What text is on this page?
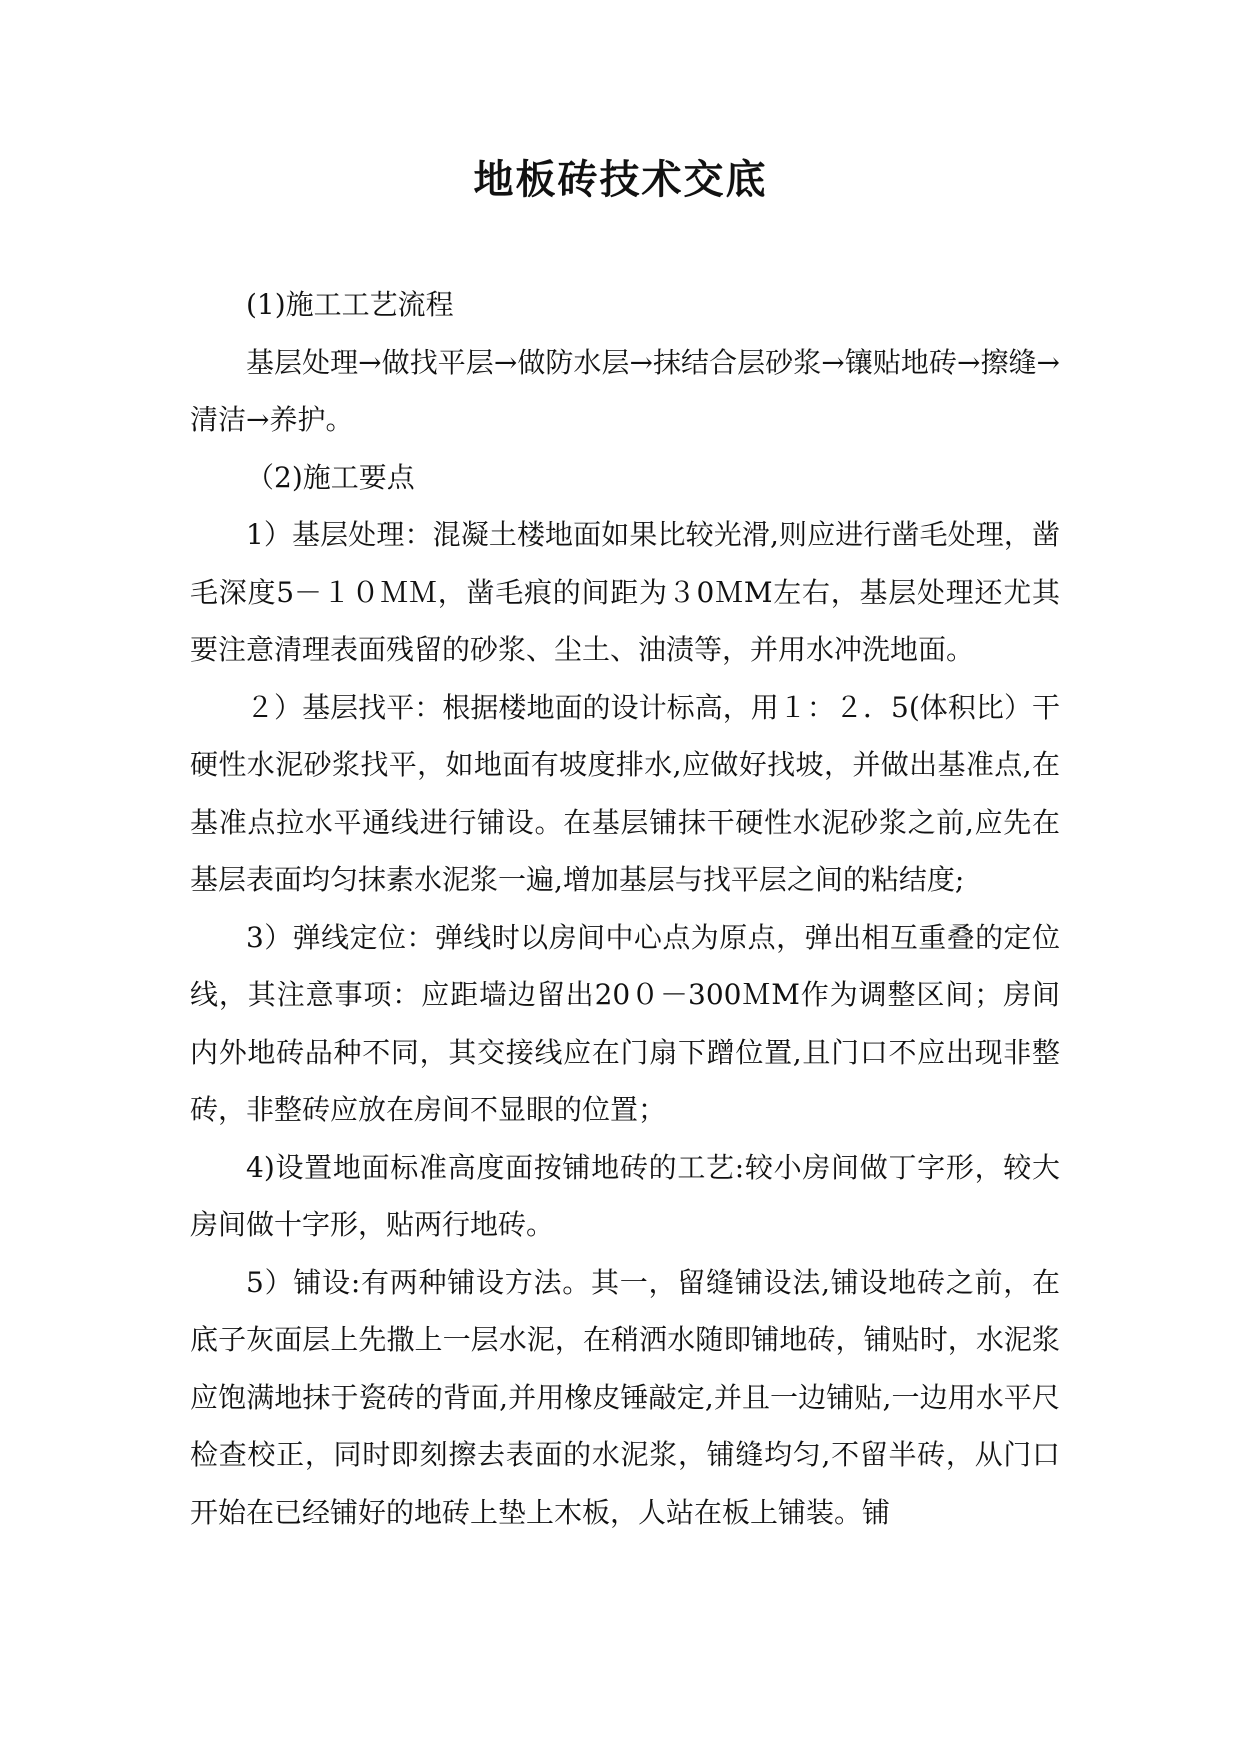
地板砖技术交底

(1)施工工艺流程

基层处理→做找平层→做防水层→抹结合层砂浆→镶贴地砖→擦缝→清洁→养护。

（2)施工要点

1）基层处理：混凝土楼地面如果比较光滑,则应进行凿毛处理，凿毛深度5－１０ＭＭ，凿毛痕的间距为３0ＭM左右，基层处理还尤其要注意清理表面残留的砂浆、尘土、油渍等，并用水冲洗地面。

２）基层找平：根据楼地面的设计标高，用１：２．5(体积比）干硬性水泥砂浆找平，如地面有坡度排水,应做好找坡，并做出基准点,在基准点拉水平通线进行铺设。在基层铺抹干硬性水泥砂浆之前,应先在基层表面均匀抹素水泥浆一遍,增加基层与找平层之间的粘结度;

3）弹线定位：弹线时以房间中心点为原点，弹出相互重叠的定位线，其注意事项：应距墙边留出20０－300ＭM作为调整区间；房间内外地砖品种不同，其交接线应在门扇下蹭位置,且门口不应出现非整砖，非整砖应放在房间不显眼的位置；

4)设置地面标准高度面按铺地砖的工艺:较小房间做丁字形，较大房间做十字形，贴两行地砖。

5）铺设:有两种铺设方法。其一，留缝铺设法,铺设地砖之前，在底子灰面层上先撒上一层水泥，在稍洒水随即铺地砖，铺贴时，水泥浆应饱满地抹于瓷砖的背面,并用橡皮锤敲定,并且一边铺贴,一边用水平尺检查校正，同时即刻擦去表面的水泥浆，铺缝均匀,不留半砖，从门口开始在已经铺好的地砖上垫上木板，人站在板上铺装。铺
